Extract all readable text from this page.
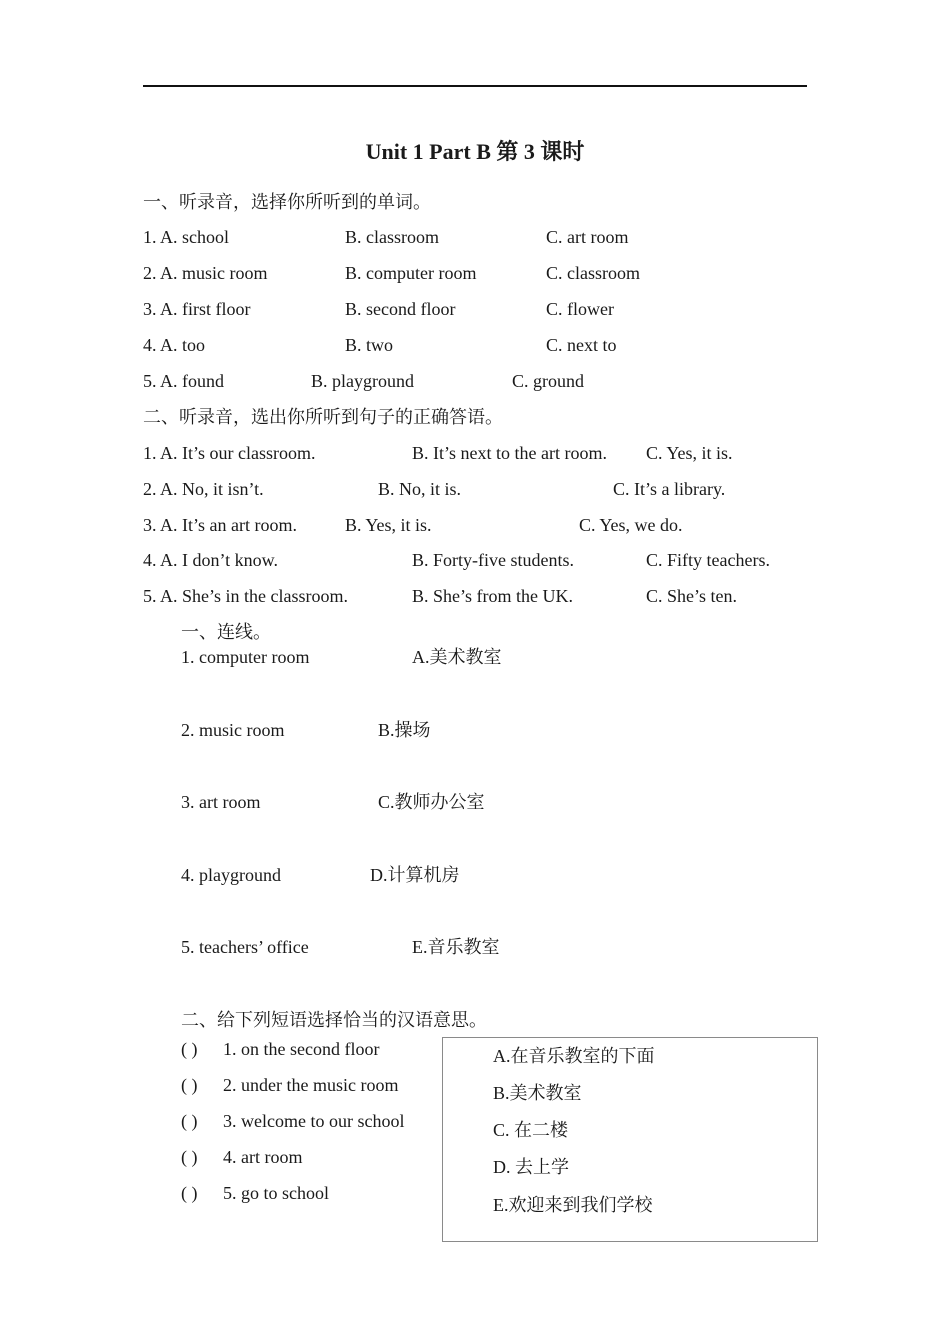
Unit 1 Part B 第 3 课时
一、听录音，选择你所听到的单词。
1. A. school	B. classroom	C. art room
2. A. music room	B. computer room	C. classroom
3. A. first floor	B. second floor	C. flower
4. A. too	B. two	C. next to
5. A. found	B. playground	C. ground
二、听录音，选出你所听到句子的正确答语。
1. A. It’s our classroom.	B. It’s next to the art room. C. Yes, it is.
2. A. No, it isn’t.	B. No, it is.	C. It’s a library.
3. A. It’s an art room.	B. Yes, it is.	C. Yes, we do.
4. A. I don’t know.	B. Forty-five students.	C. Fifty teachers.
5. A. She’s in the classroom.	B. She’s from the UK.	C. She’s ten.
一、连线。
1. computer room	A.美术教室
2. music room	B.操场
3. art room	C.教师办公室
4. playground	D.计算机房
5. teachers’ office	E.音乐教室
二、给下列短语选择恰当的汉语意思。
( ) 1. on the second floor
( ) 2. under the music room
( ) 3. welcome to our school
( ) 4. art room
( ) 5. go to school
A.在音乐教室的下面
B.美术教室
C. 在二楼
D. 去上学
E.欢迎来到我们学校
